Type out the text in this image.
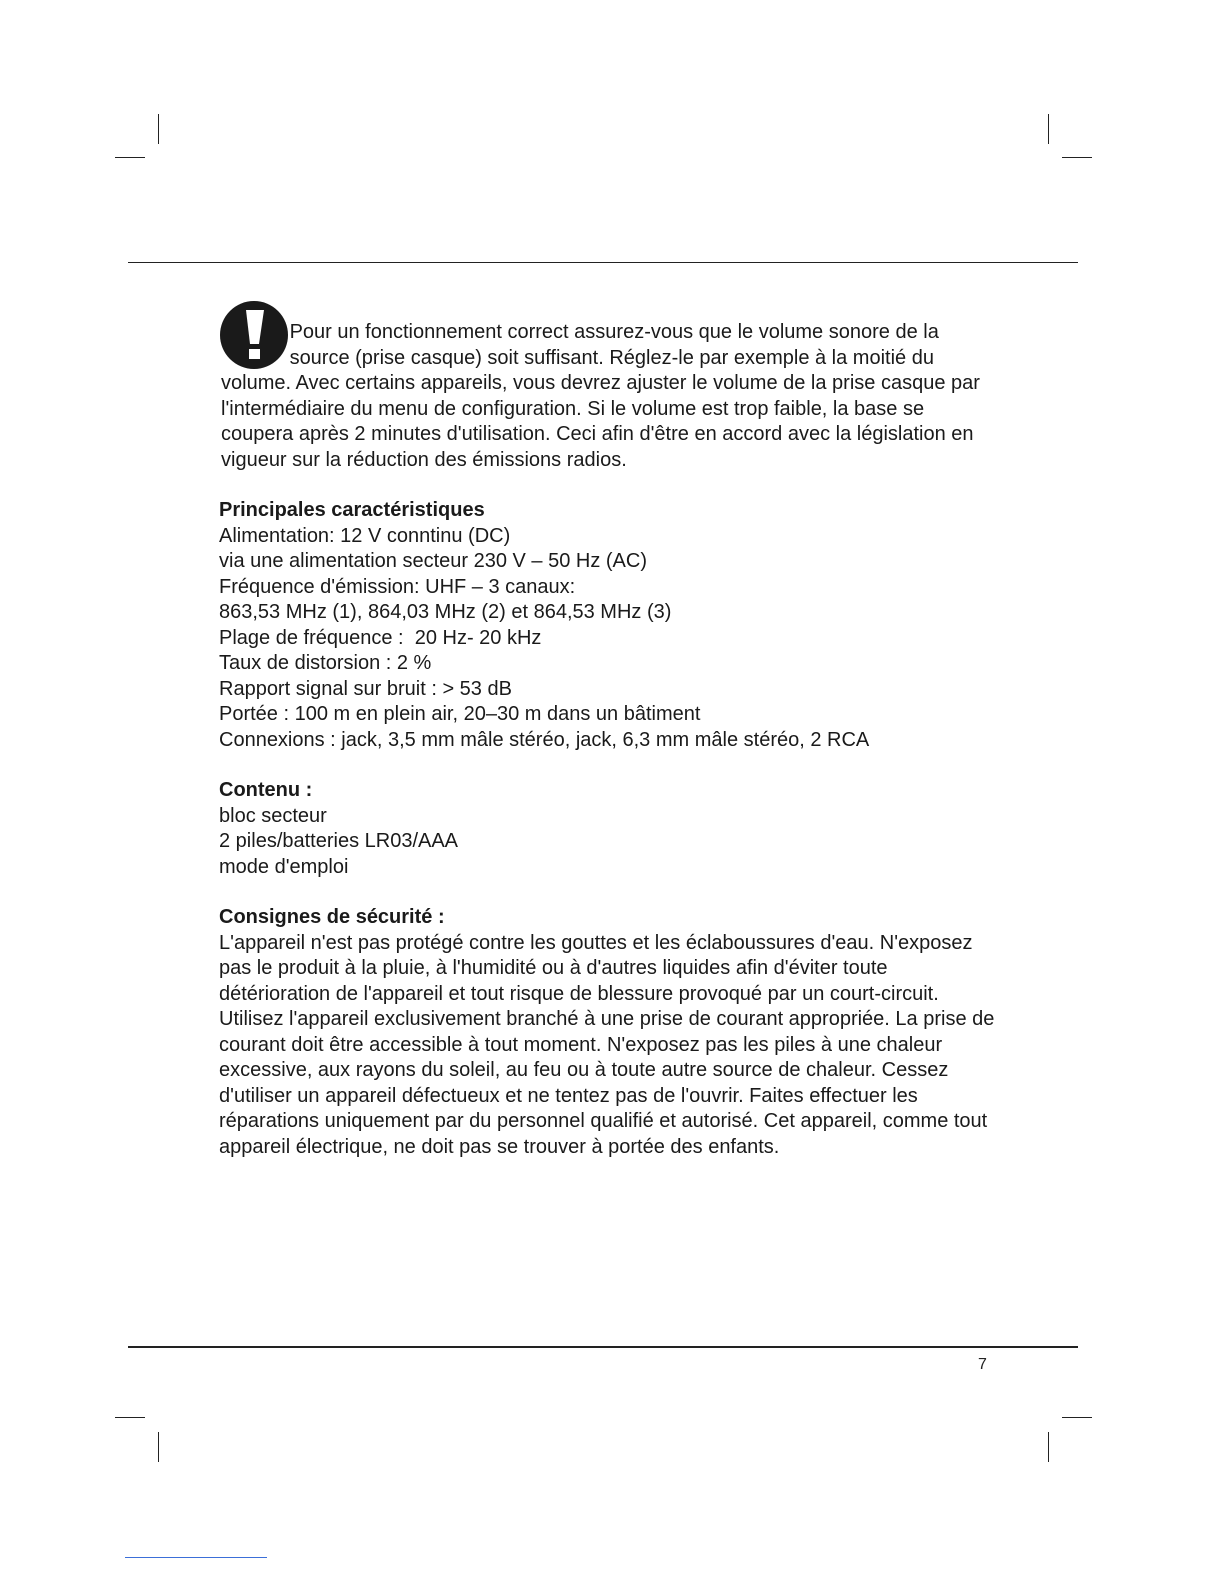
Pour un fonctionnement correct assurez-vous que le volume sonore de la source (prise casque) soit suffisant. Réglez-le par exemple à la moitié du volume. Avec certains appareils, vous devrez ajuster le volume de la prise casque par l'intermédiaire du menu de configuration. Si le volume est trop faible, la base se coupera après 2 minutes d'utilisation. Ceci afin d'être en accord avec la législation en vigueur sur la réduction des émissions radios.

Principales caractéristiques

Alimentation: 12 V conntinu (DC)

via une alimentation secteur 230 V – 50 Hz (AC)

Fréquence d'émission: UHF – 3 canaux:

863,53 MHz (1), 864,03 MHz (2) et 864,53 MHz (3)

Plage de fréquence :  20 Hz- 20 kHz

Taux de distorsion : 2 %

Rapport signal sur bruit : > 53 dB

Portée : 100 m en plein air, 20–30 m dans un bâtiment

Connexions : jack, 3,5 mm mâle stéréo, jack, 6,3 mm mâle stéréo, 2 RCA

Contenu :

bloc secteur

2 piles/batteries LR03/AAA

mode d'emploi

Consignes de sécurité :

L'appareil n'est pas protégé contre les gouttes et les éclaboussures d'eau. N'exposez pas le produit à la pluie, à l'humidité ou à d'autres liquides afin d'éviter toute détérioration de l'appareil et tout risque de blessure provoqué par un court-circuit. Utilisez l'appareil exclusivement branché à une prise de courant appropriée. La prise de courant doit être accessible à tout moment. N'exposez pas les piles à une chaleur excessive, aux rayons du soleil, au feu ou à toute autre source de chaleur. Cessez d'utiliser un appareil défectueux et ne tentez pas de l'ouvrir. Faites effectuer les réparations uniquement par du personnel qualifié et autorisé. Cet appareil, comme tout appareil électrique, ne doit pas se trouver à portée des enfants.

7
